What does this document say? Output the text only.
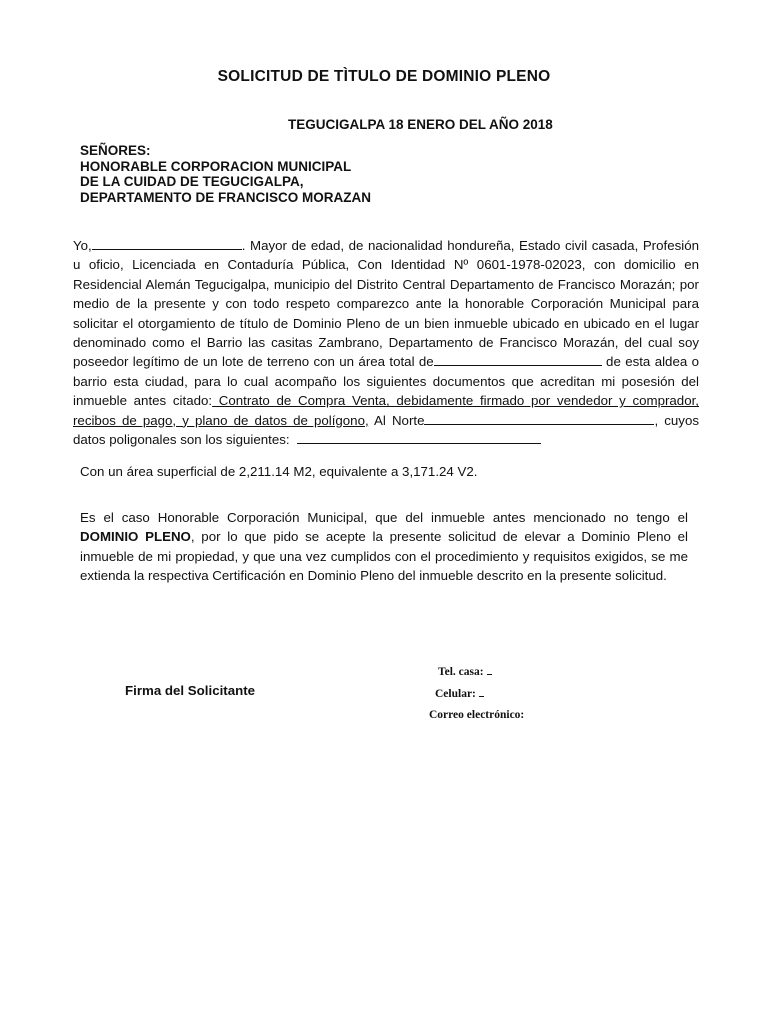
SOLICITUD DE TÌTULO DE DOMINIO PLENO
TEGUCIGALPA 18 ENERO DEL AÑO 2018
SEÑORES:
HONORABLE CORPORACION MUNICIPAL
DE LA CUIDAD DE TEGUCIGALPA,
DEPARTAMENTO DE FRANCISCO MORAZAN
Yo,	. Mayor de edad, de nacionalidad hondureña, Estado civil casada, Profesión u oficio, Licenciada en Contaduría Pública, Con Identidad Nº 0601-1978-02023, con domicilio en Residencial Alemán Tegucigalpa, municipio del Distrito Central Departamento de Francisco Morazán; por medio de la presente y con todo respeto comparezco ante la honorable Corporación Municipal para solicitar el otorgamiento de título de Dominio Pleno de un bien inmueble ubicado en ubicado en el lugar denominado como el Barrio las casitas Zambrano, Departamento de Francisco Morazán, del cual soy poseedor legítimo de un lote de terreno con un área total de	de esta aldea o barrio esta ciudad, para lo cual acompaño los siguientes documentos que acreditan mi posesión del inmueble antes citado: Contrato de Compra Venta, debidamente firmado por vendedor y comprador, recibos de pago, y plano de datos de polígono, Al Norte	, cuyos datos poligonales son los siguientes:
Con un área superficial de 2,211.14 M2, equivalente a 3,171.24 V2.
Es el caso Honorable Corporación Municipal, que del inmueble antes mencionado no tengo el DOMINIO PLENO, por lo que pido se acepte la presente solicitud de elevar a Dominio Pleno el inmueble de mi propiedad, y que una vez cumplidos con el procedimiento y requisitos exigidos, se me extienda la respectiva Certificación en Dominio Pleno del inmueble descrito en la presente solicitud.
Firma del Solicitante
Tel. casa:
Celular:
Correo electrónico:
